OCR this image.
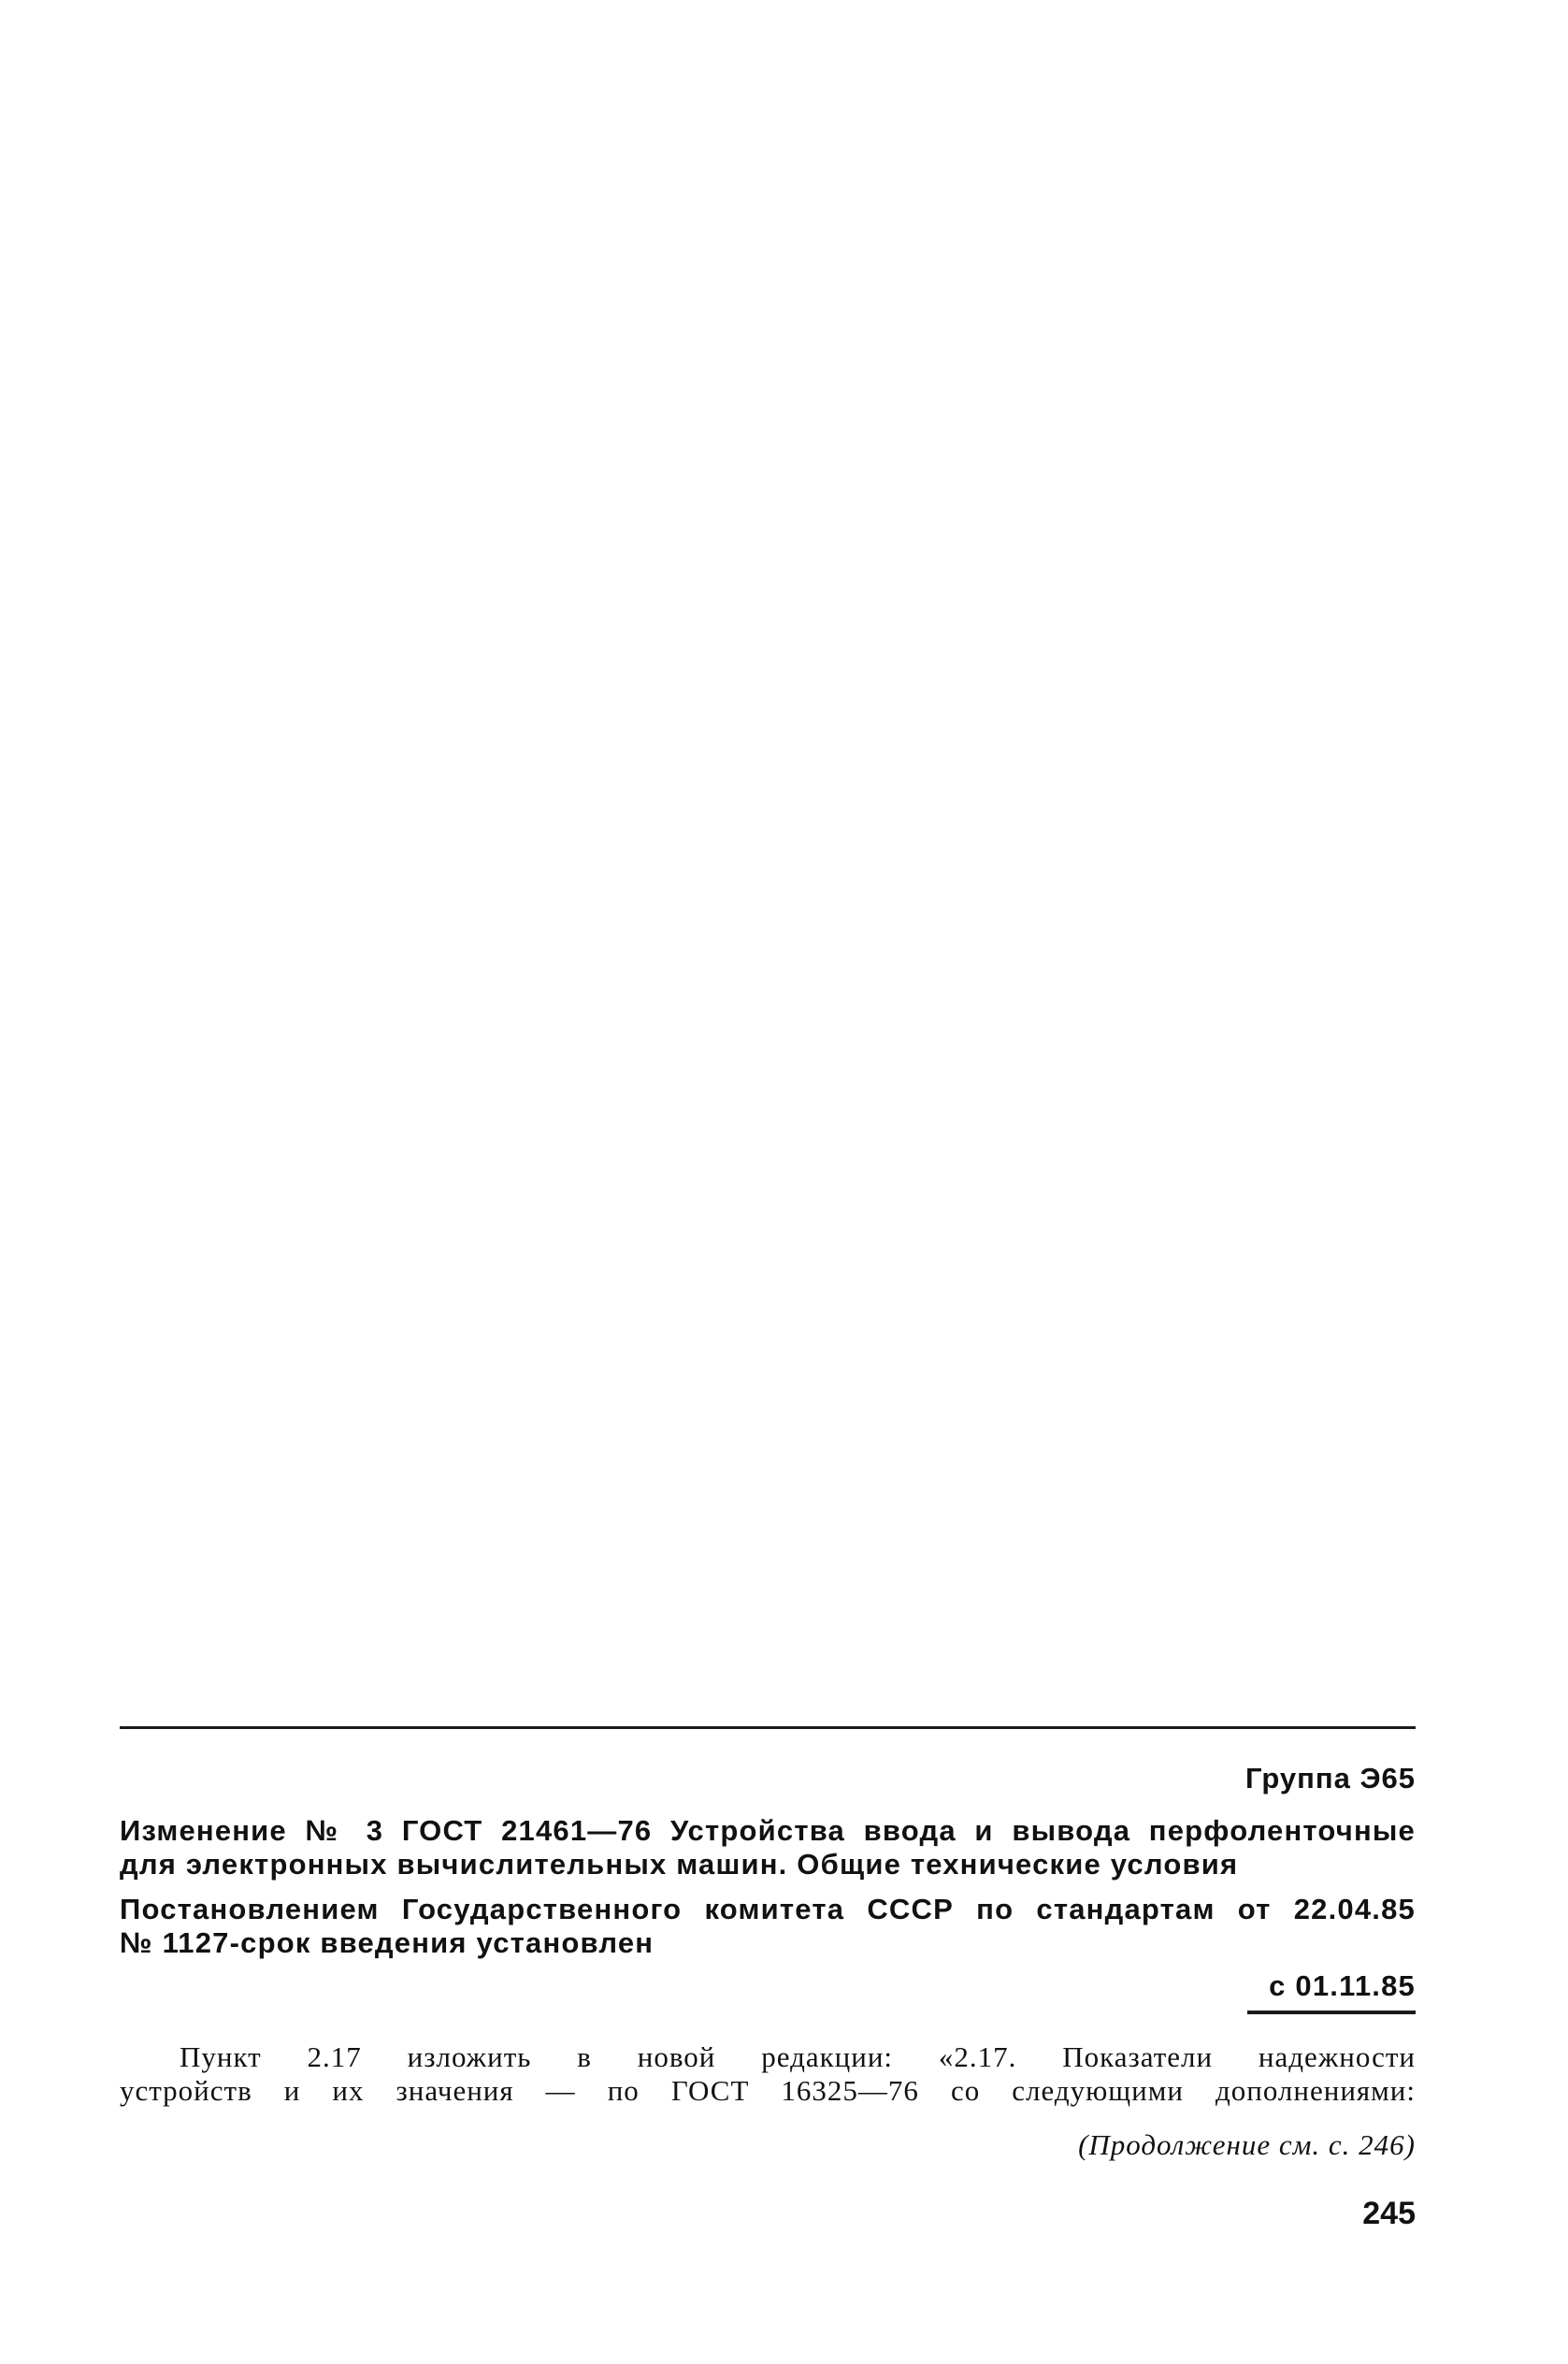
Группа Э65
Изменение № 3 ГОСТ 21461—76 Устройства ввода и вывода перфоленточные
для электронных вычислительных машин. Общие технические условия
Постановлением Государственного комитета СССР по стандартам от 22.04.85
№ 1127-срок введения установлен
с 01.11.85
Пункт 2.17 изложить в новой редакции: «2.17. Показатели надежности
устройств и их значения — по ГОСТ 16325—76 со следующими дополнениями:
(Продолжение см. с. 246)
245
